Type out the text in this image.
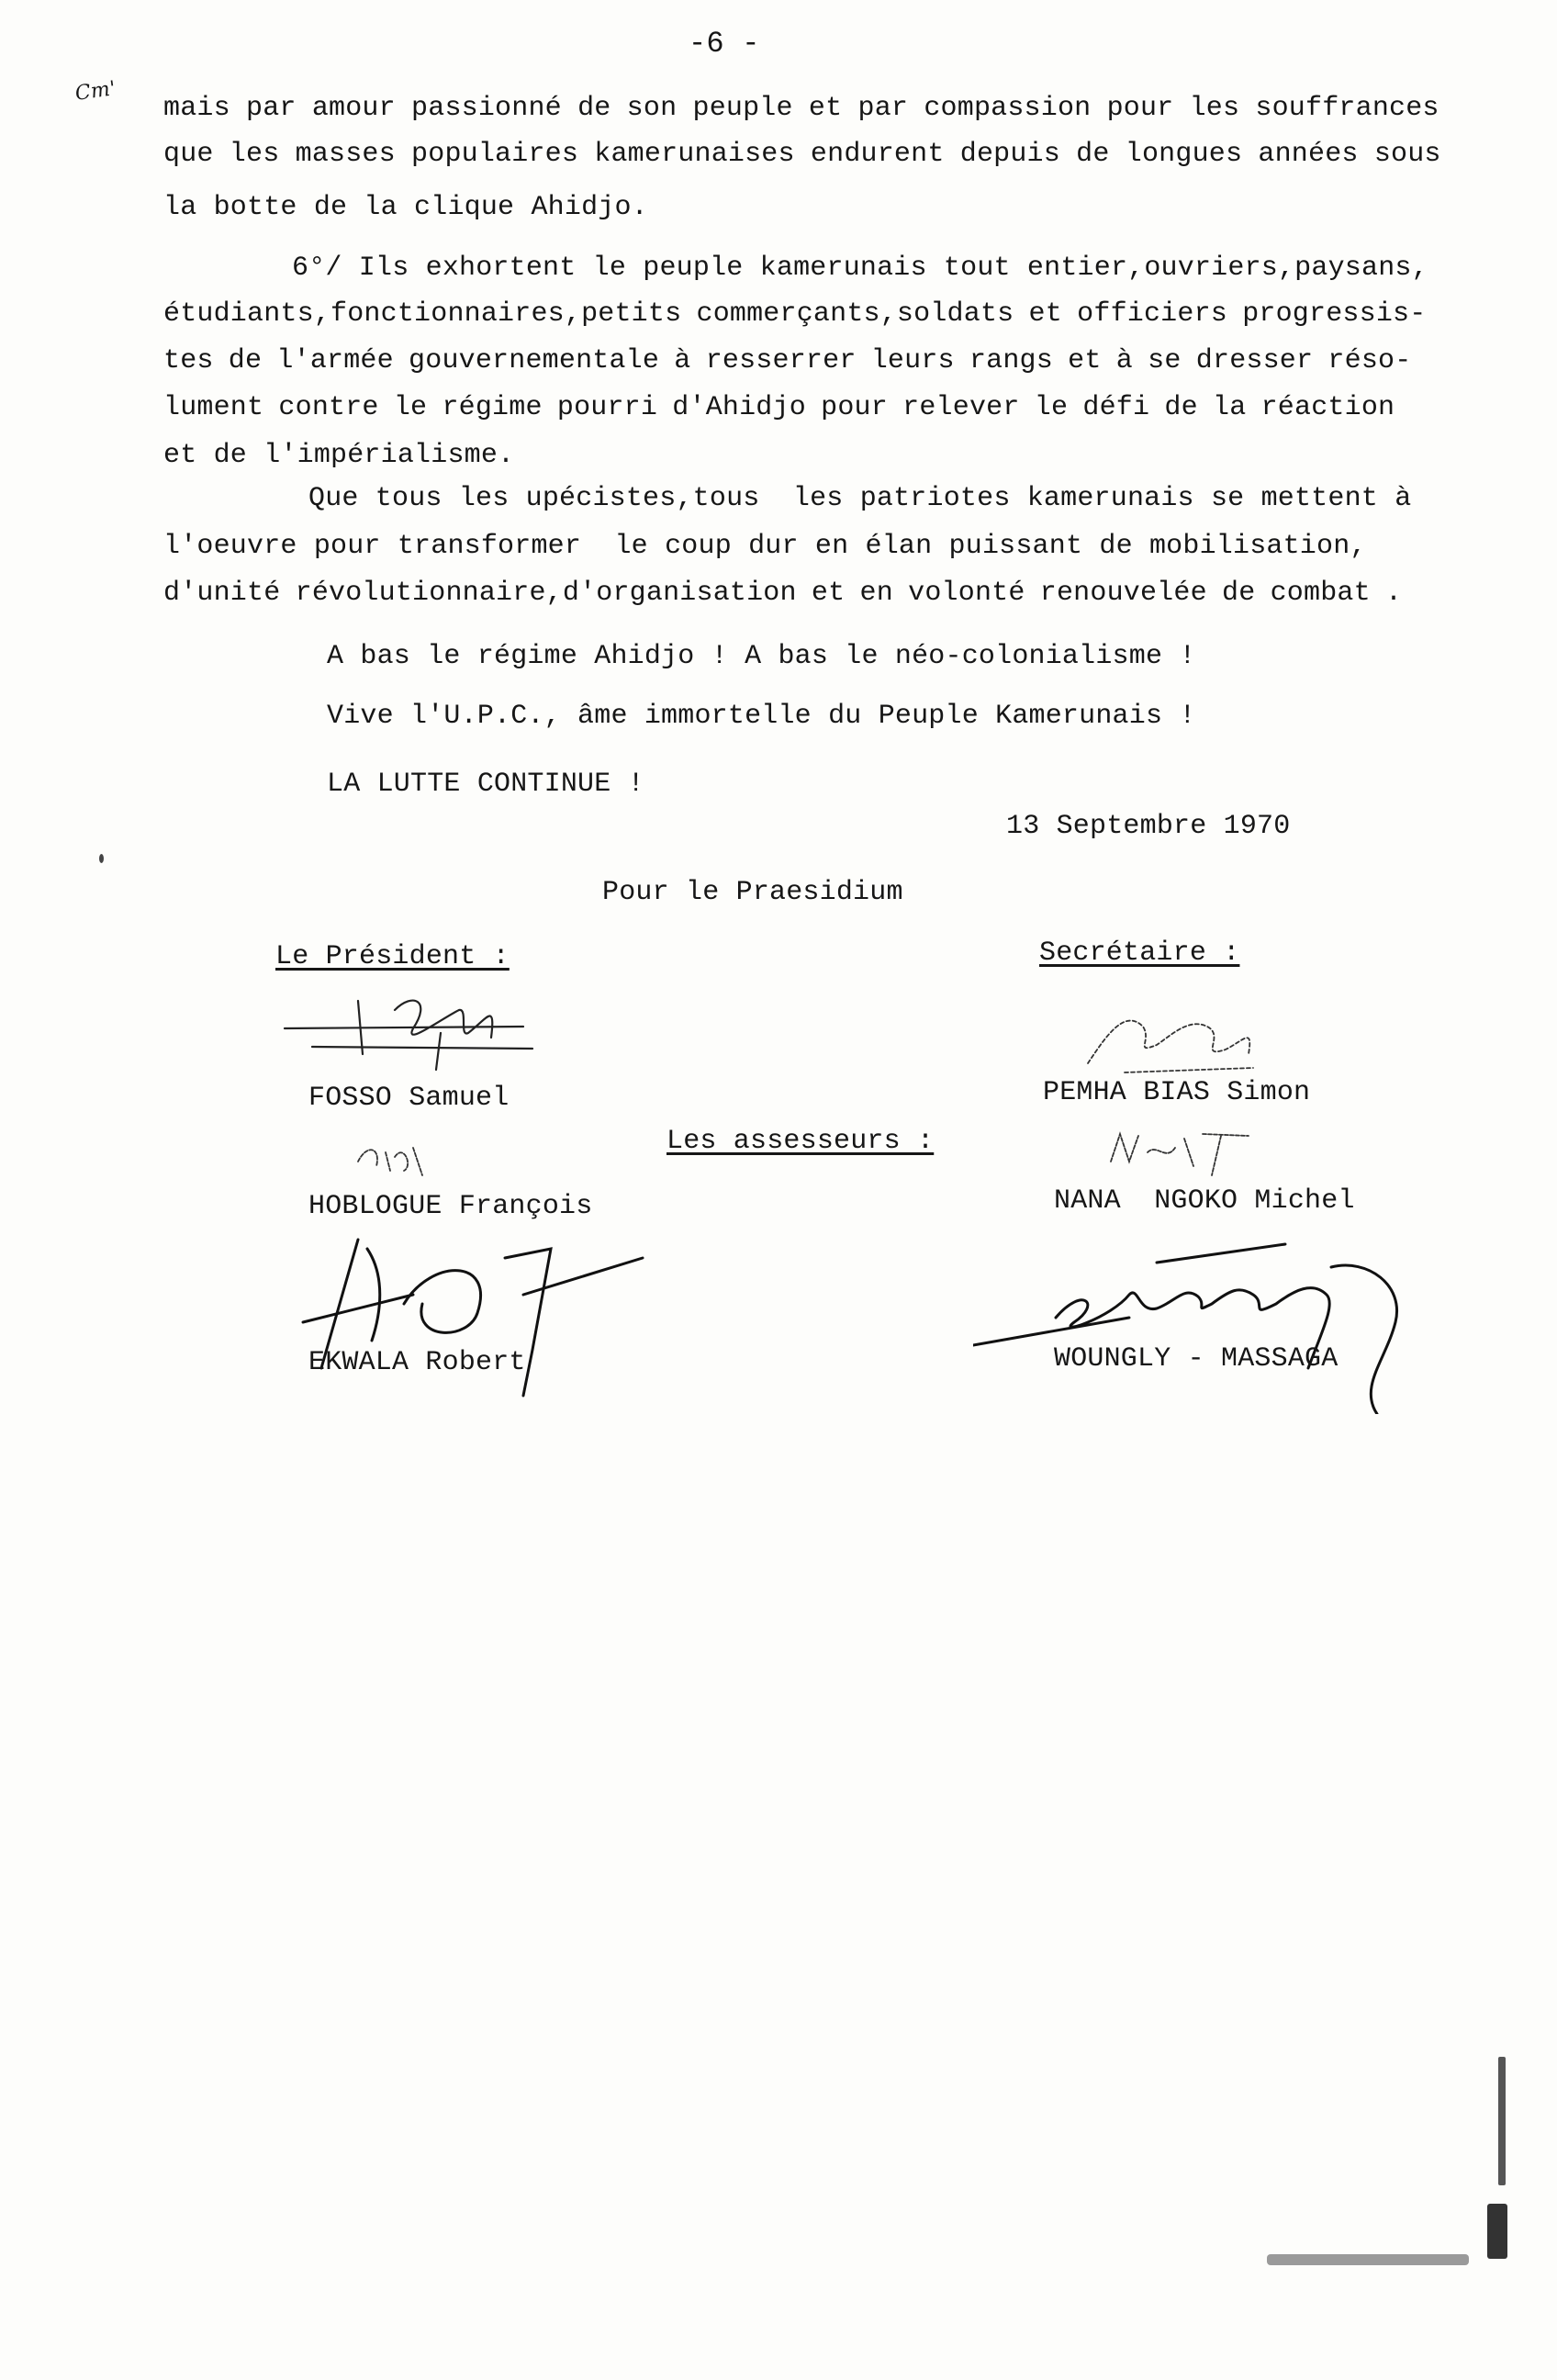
-6 -
Cm'
mais par amour passionné de son peuple et par compassion pour les souffrances
que les masses populaires kamerunaises endurent depuis de longues années sous
la botte de la clique Ahidjo.
6°/ Ils exhortent le peuple kamerunais tout entier,ouvriers,paysans,
étudiants,fonctionnaires,petits commerçants,soldats et officiers progressis-
tes de l'armée gouvernementale à resserrer leurs rangs et à se dresser réso-
lument contre le régime pourri d'Ahidjo pour relever le défi de la réaction
et de l'impérialisme.
Que tous les upécistes,tous  les patriotes kamerunais se mettent à
l'oeuvre pour transformer  le coup dur en élan puissant de mobilisation,
d'unité révolutionnaire,d'organisation et en volonté renouvelée de combat .
A bas le régime Ahidjo ! A bas le néo-colonialisme !
Vive l'U.P.C., âme immortelle du Peuple Kamerunais !
LA LUTTE CONTINUE !
13 Septembre 1970
Pour le Praesidium
Le Président :	Secrétaire :
Les assesseurs :
FOSSO Samuel	PEMHA BIAS Simon
HOBLOGUE François	NANA  NGOKO Michel
EKWALA Robert	WOUNGLY - MASSAGA
